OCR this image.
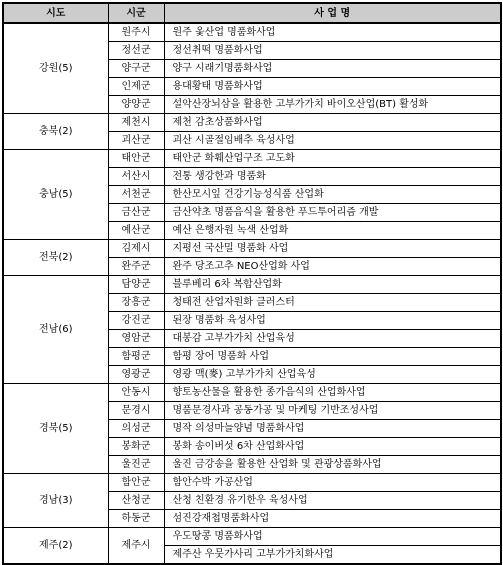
시도	시군	사 업 명
강원(5)	원주시	원주 옻산업 명품화사업
	정선군	정선취떡 명품화사업
	양구군	양구 시래기명품화사업
	인제군	용대황태 명품화사업
	양양군	설악산장뇌삼을 활용한 고부가가치 바이오산업(BT) 활성화
충북(2)	제천시	제천 감초상품화사업
	괴산군	괴산 시골절임배추 육성사업
충남(5)	태안군	태안군 화훼산업구조 고도화
	서산시	전통 생강한과 명품화
	서천군	한산모시잎 건강기능성식품 산업화
	금산군	금산약초 명품음식을 활용한 푸드투어리즘 개발
	예산군	예산 은행자원 녹색 산업화
전북(2)	김제시	지평선 국산밀 명품화 사업
	완주군	완주 당조고추 NEO산업화 사업
전남(6)	담양군	블루베리 6차 복합산업화
	장흥군	청태전 산업자원화 클러스터
	강진군	된장 명품화 육성사업
	영암군	대봉감 고부가가치 산업육성
	함평군	함평 장어 명품화 사업
	영광군	영광 맥(麥) 고부가가치 산업육성
경북(5)	안동시	향토농산물을 활용한 종가음식의 산업화사업
	문경시	명품문경사과 공동가공 및 마케팅 기반조성사업
	의성군	명작 의성마늘양념 명품화사업
	봉화군	봉화 송이버섯 6차 산업화사업
	울진군	울진 금강송을 활용한 산업화 및 관광상품화사업
경남(3)	함안군	함안수박 가공산업
	산청군	산청 친환경 유기한우 육성사업
	하동군	섬진강재첩명품화사업
제주(2)	제주시	우도땅콩 명품화사업
		제주산 우뭇가사리 고부가가치화사업
